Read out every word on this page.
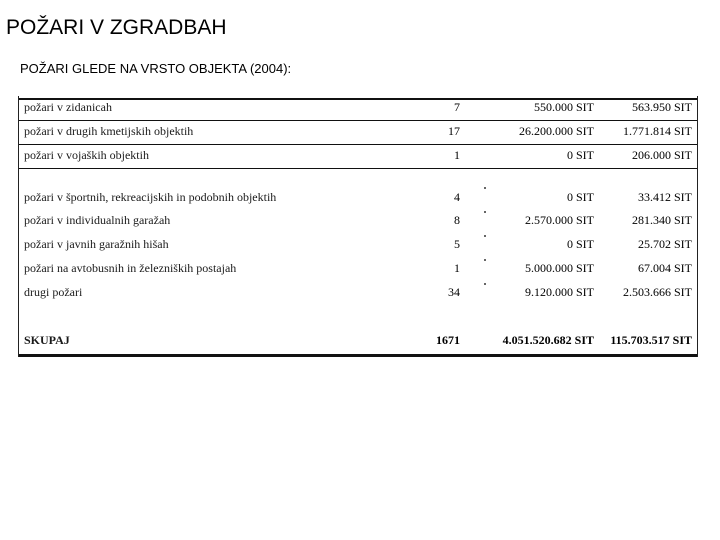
POŽARI V ZGRADBAH
POŽARI GLEDE NA VRSTO OBJEKTA (2004):
požari v zidanicah	7	550.000 SIT	563.950 SIT
požari v drugih kmetijskih objektih	17	26.200.000 SIT 1.771.814 SIT
požari v vojaških objektih	1	0 SIT	206.000 SIT
požari v športnih, rekreacijskih in podobnih objektih	4	0 SIT	33.412 SIT
požari v individualnih garažah	8	2.570.000 SIT	281.340 SIT
požari v javnih garažnih hišah	5	0 SIT	25.702 SIT
požari na avtobusnih in železniških postajah	1	5.000.000 SIT	67.004 SIT
drugi požari	34	9.120.000 SIT 2.503.666 SIT
SKUPAJ	1671	4.051.520.682 SIT 115.703.517 SIT
